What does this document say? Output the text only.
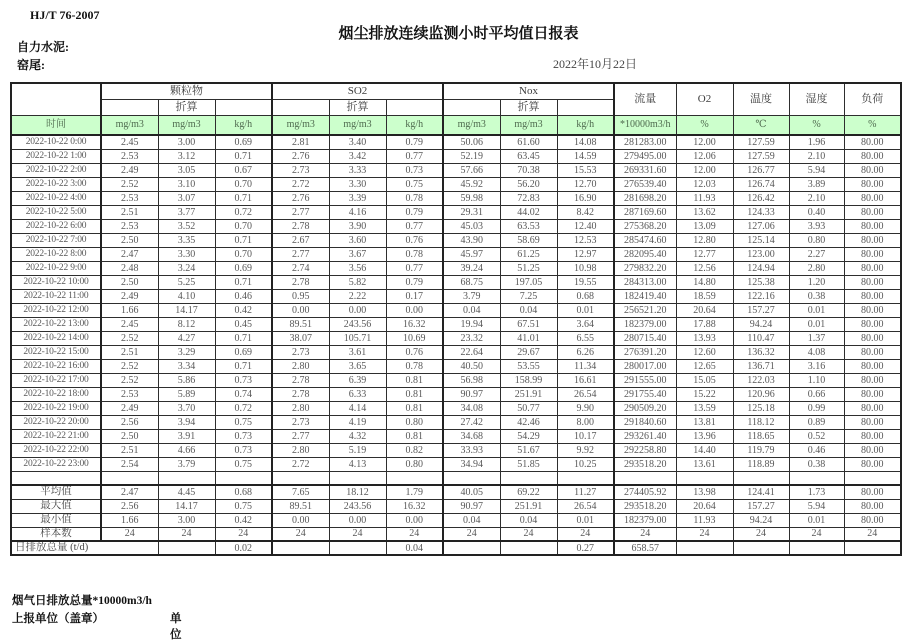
HJ/T 76-2007
烟尘排放连续监测小时平均值日报表
自力水泥:
窑尾:	2022年10月22日
	颗粒物			SO2			Nox			流量	O2	温度	湿度	负荷
		折算			折算			折算						
时间	mg/m3	mg/m3	kg/h	mg/m3	mg/m3	kg/h	mg/m3	mg/m3	kg/h	*10000m3/h	%	℃	%	%
2022-10-22 0:00	2.45	3.00	0.69	2.81	3.40	0.79	50.06	61.60	14.08	281283.00	12.00	127.59	1.96	80.00
2022-10-22 1:00	2.53	3.12	0.71	2.76	3.42	0.77	52.19	63.45	14.59	279495.00	12.06	127.59	2.10	80.00
2022-10-22 2:00	2.49	3.05	0.67	2.73	3.33	0.73	57.66	70.38	15.53	269331.60	12.00	126.77	5.94	80.00
2022-10-22 3:00	2.52	3.10	0.70	2.72	3.30	0.75	45.92	56.20	12.70	276539.40	12.03	126.74	3.89	80.00
2022-10-22 4:00	2.53	3.07	0.71	2.76	3.39	0.78	59.98	72.83	16.90	281698.20	11.93	126.42	2.10	80.00
2022-10-22 5:00	2.51	3.77	0.72	2.77	4.16	0.79	29.31	44.02	8.42	287169.60	13.62	124.33	0.40	80.00
2022-10-22 6:00	2.53	3.52	0.70	2.78	3.90	0.77	45.03	63.53	12.40	275368.20	13.09	127.06	3.93	80.00
2022-10-22 7:00	2.50	3.35	0.71	2.67	3.60	0.76	43.90	58.69	12.53	285474.60	12.80	125.14	0.80	80.00
2022-10-22 8:00	2.47	3.30	0.70	2.77	3.67	0.78	45.97	61.25	12.97	282095.40	12.77	123.00	2.27	80.00
2022-10-22 9:00	2.48	3.24	0.69	2.74	3.56	0.77	39.24	51.25	10.98	279832.20	12.56	124.94	2.80	80.00
2022-10-22 10:00	2.50	5.25	0.71	2.78	5.82	0.79	68.75	197.05	19.55	284313.00	14.80	125.38	1.20	80.00
2022-10-22 11:00	2.49	4.10	0.46	0.95	2.22	0.17	3.79	7.25	0.68	182419.40	18.59	122.16	0.38	80.00
2022-10-22 12:00	1.66	14.17	0.42	0.00	0.00	0.00	0.04	0.04	0.01	256521.20	20.64	157.27	0.01	80.00
2022-10-22 13:00	2.45	8.12	0.45	89.51	243.56	16.32	19.94	67.51	3.64	182379.00	17.88	94.24	0.01	80.00
2022-10-22 14:00	2.52	4.27	0.71	38.07	105.71	10.69	23.32	41.01	6.55	280715.40	13.93	110.47	1.37	80.00
2022-10-22 15:00	2.51	3.29	0.69	2.73	3.61	0.76	22.64	29.67	6.26	276391.20	12.60	136.32	4.08	80.00
2022-10-22 16:00	2.52	3.34	0.71	2.80	3.65	0.78	40.50	53.55	11.34	280017.00	12.65	136.71	3.16	80.00
2022-10-22 17:00	2.52	5.86	0.73	2.78	6.39	0.81	56.98	158.99	16.61	291555.00	15.05	122.03	1.10	80.00
2022-10-22 18:00	2.53	5.89	0.74	2.78	6.33	0.81	90.97	251.91	26.54	291755.40	15.22	120.96	0.66	80.00
2022-10-22 19:00	2.49	3.70	0.72	2.80	4.14	0.81	34.08	50.77	9.90	290509.20	13.59	125.18	0.99	80.00
2022-10-22 20:00	2.56	3.94	0.75	2.73	4.19	0.80	27.42	42.46	8.00	291840.60	13.81	118.12	0.89	80.00
2022-10-22 21:00	2.50	3.91	0.73	2.77	4.32	0.81	34.68	54.29	10.17	293261.40	13.96	118.65	0.52	80.00
2022-10-22 22:00	2.51	4.66	0.73	2.80	5.19	0.82	33.93	51.67	9.92	292258.80	14.40	119.79	0.46	80.00
2022-10-22 23:00	2.54	3.79	0.75	2.72	4.13	0.80	34.94	51.85	10.25	293518.20	13.61	118.89	0.38	80.00

平均值	2.47	4.45	0.68	7.65	18.12	1.79	40.05	69.22	11.27	274405.92	13.98	124.41	1.73	80.00
最大值	2.56	14.17	0.75	89.51	243.56	16.32	90.97	251.91	26.54	293518.20	20.64	157.27	5.94	80.00
最小值	1.66	3.00	0.42	0.00	0.00	0.00	0.04	0.04	0.01	182379.00	11.93	94.24	0.01	80.00
样本数	24	24	24	24	24	24	24	24	24	24	24	24	24	24
日排放总量 (t/d)			0.02			0.04			0.27	658.57				
烟气日排放总量*10000m3/h
上报单位（盖章）	单位
